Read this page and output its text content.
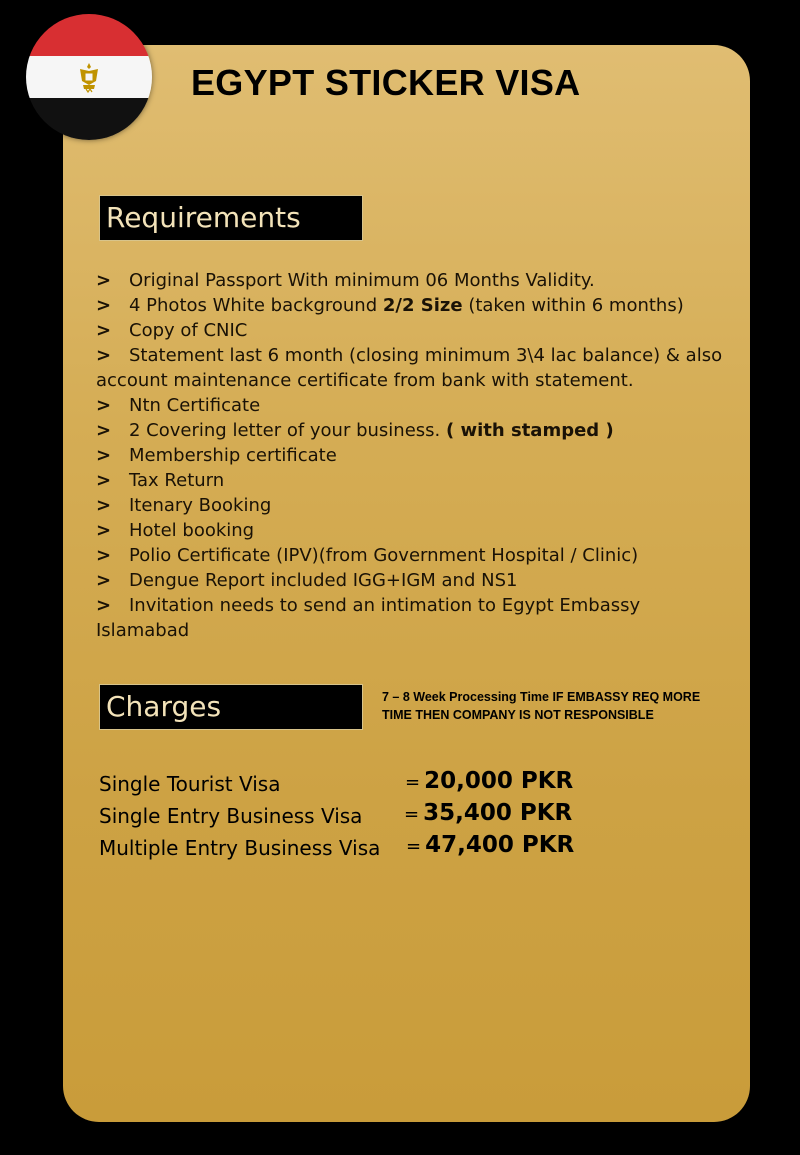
EGYPT STICKER VISA
Requirements
> Original Passport With minimum 06 Months Validity.
> 4 Photos White background 2/2 Size (taken within 6 months)
> Copy of CNIC
> Statement last 6 month (closing minimum 3\4 lac balance) & also account maintenance certificate from bank with statement.
> Ntn Certificate
> 2 Covering letter of your business. ( with stamped )
> Membership certificate
> Tax Return
> Itenary Booking
> Hotel booking
> Polio Certificate (IPV)(from Government Hospital / Clinic)
> Dengue Report included IGG+IGM and NS1
> Invitation needs to send an intimation to Egypt Embassy Islamabad
Charges	7 – 8 Week Processing Time IF EMBASSY REQ MORE TIME THEN COMPANY IS NOT RESPONSIBLE
Single Tourist Visa	= 20,000 PKR
Single Entry Business Visa = 35,400 PKR
Multiple Entry Business Visa = 47,400 PKR
